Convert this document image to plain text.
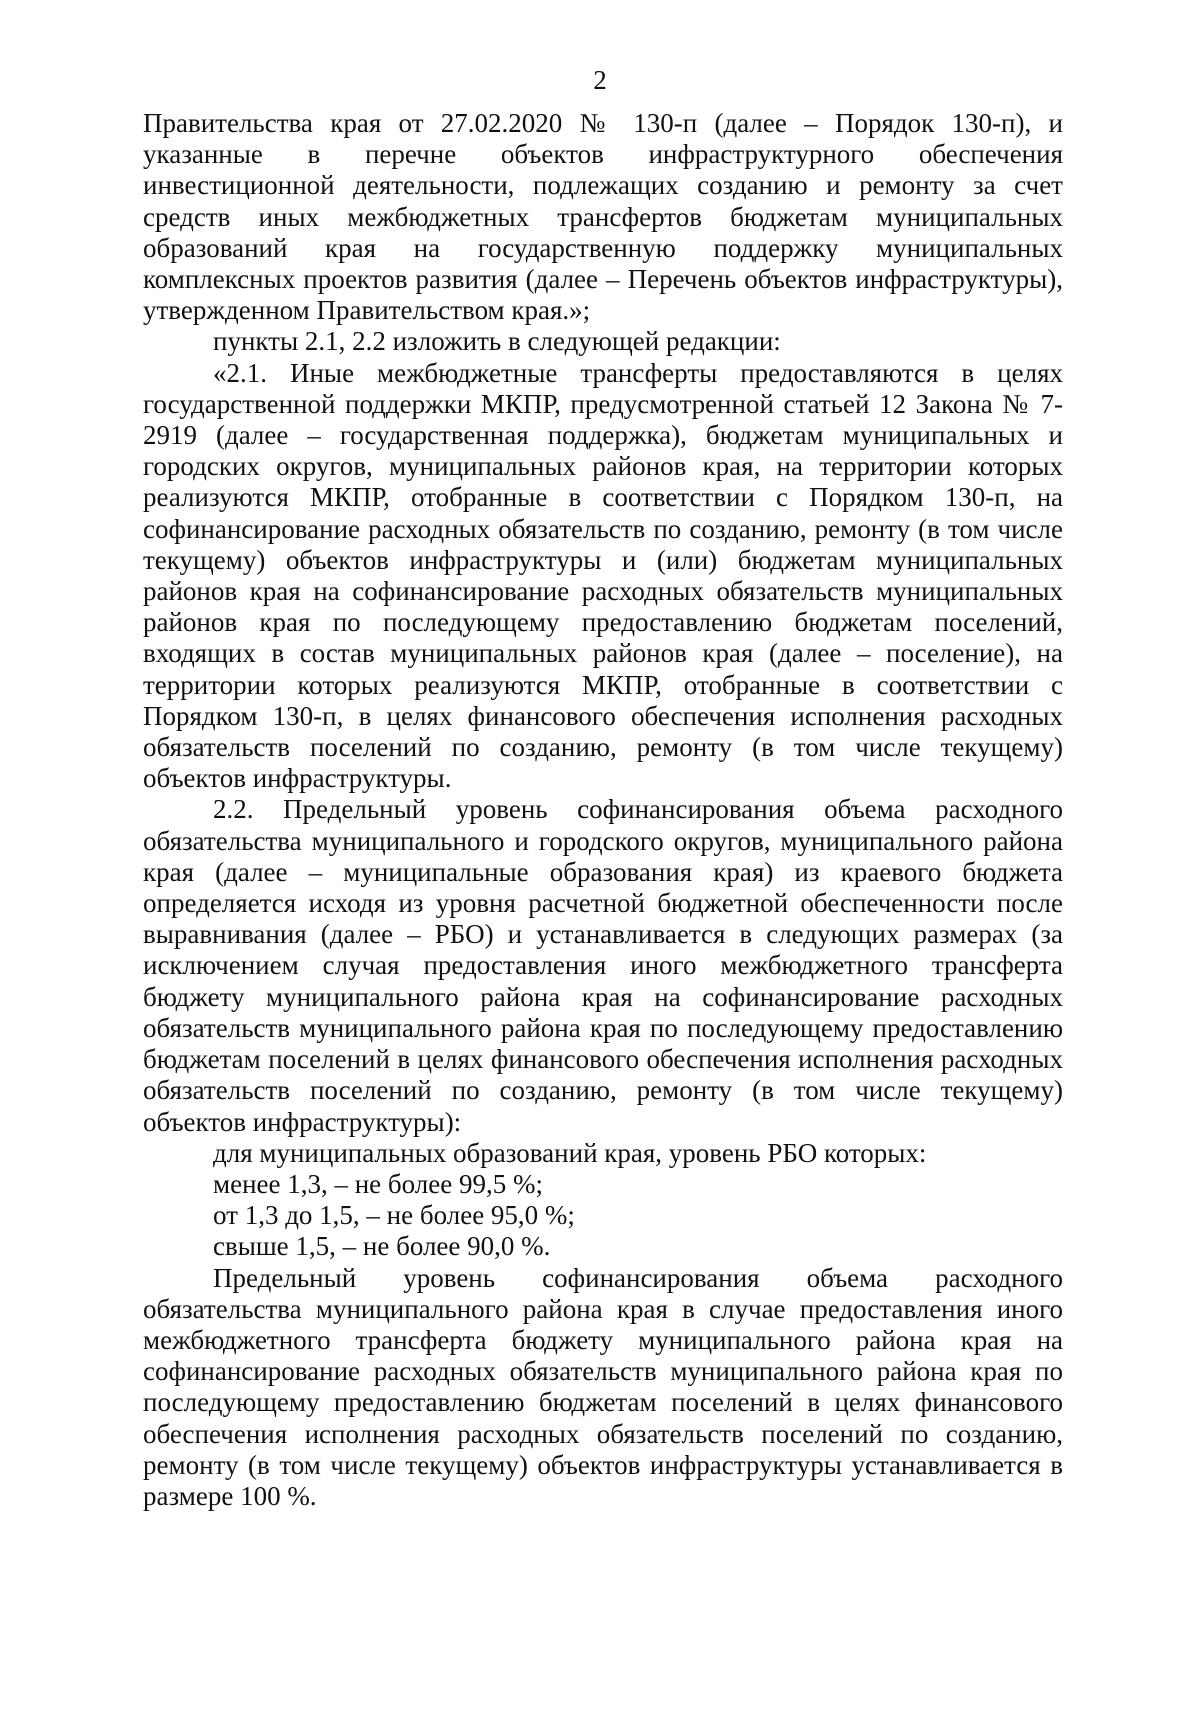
2

Правительства края от 27.02.2020 № 130-п (далее – Порядок 130-п), и указанные в перечне объектов инфраструктурного обеспечения инвестиционной деятельности, подлежащих созданию и ремонту за счет средств иных межбюджетных трансфертов бюджетам муниципальных образований края на государственную поддержку муниципальных комплексных проектов развития (далее – Перечень объектов инфраструктуры), утвержденном Правительством края.»;

пункты 2.1, 2.2 изложить в следующей редакции:

«2.1. Иные межбюджетные трансферты предоставляются в целях государственной поддержки МКПР, предусмотренной статьей 12 Закона № 7-2919 (далее – государственная поддержка), бюджетам муниципальных и городских округов, муниципальных районов края, на территории которых реализуются МКПР, отобранные в соответствии с Порядком 130-п, на софинансирование расходных обязательств по созданию, ремонту (в том числе текущему) объектов инфраструктуры и (или) бюджетам муниципальных районов края на софинансирование расходных обязательств муниципальных районов края по последующему предоставлению бюджетам поселений, входящих в состав муниципальных районов края (далее – поселение), на территории которых реализуются МКПР, отобранные в соответствии с Порядком 130-п, в целях финансового обеспечения исполнения расходных обязательств поселений по созданию, ремонту (в том числе текущему) объектов инфраструктуры.

2.2. Предельный уровень софинансирования объема расходного обязательства муниципального и городского округов, муниципального района края (далее – муниципальные образования края) из краевого бюджета определяется исходя из уровня расчетной бюджетной обеспеченности после выравнивания (далее – РБО) и устанавливается в следующих размерах (за исключением случая предоставления иного межбюджетного трансферта бюджету муниципального района края на софинансирование расходных обязательств муниципального района края по последующему предоставлению бюджетам поселений в целях финансового обеспечения исполнения расходных обязательств поселений по созданию, ремонту (в том числе текущему) объектов инфраструктуры):

для муниципальных образований края, уровень РБО которых:

менее 1,3, – не более 99,5 %;

от 1,3 до 1,5, – не более 95,0 %;

свыше 1,5, – не более 90,0 %.

Предельный уровень софинансирования объема расходного обязательства муниципального района края в случае предоставления иного межбюджетного трансферта бюджету муниципального района края на софинансирование расходных обязательств муниципального района края по последующему предоставлению бюджетам поселений в целях финансового обеспечения исполнения расходных обязательств поселений по созданию, ремонту (в том числе текущему) объектов инфраструктуры устанавливается в размере 100 %.
